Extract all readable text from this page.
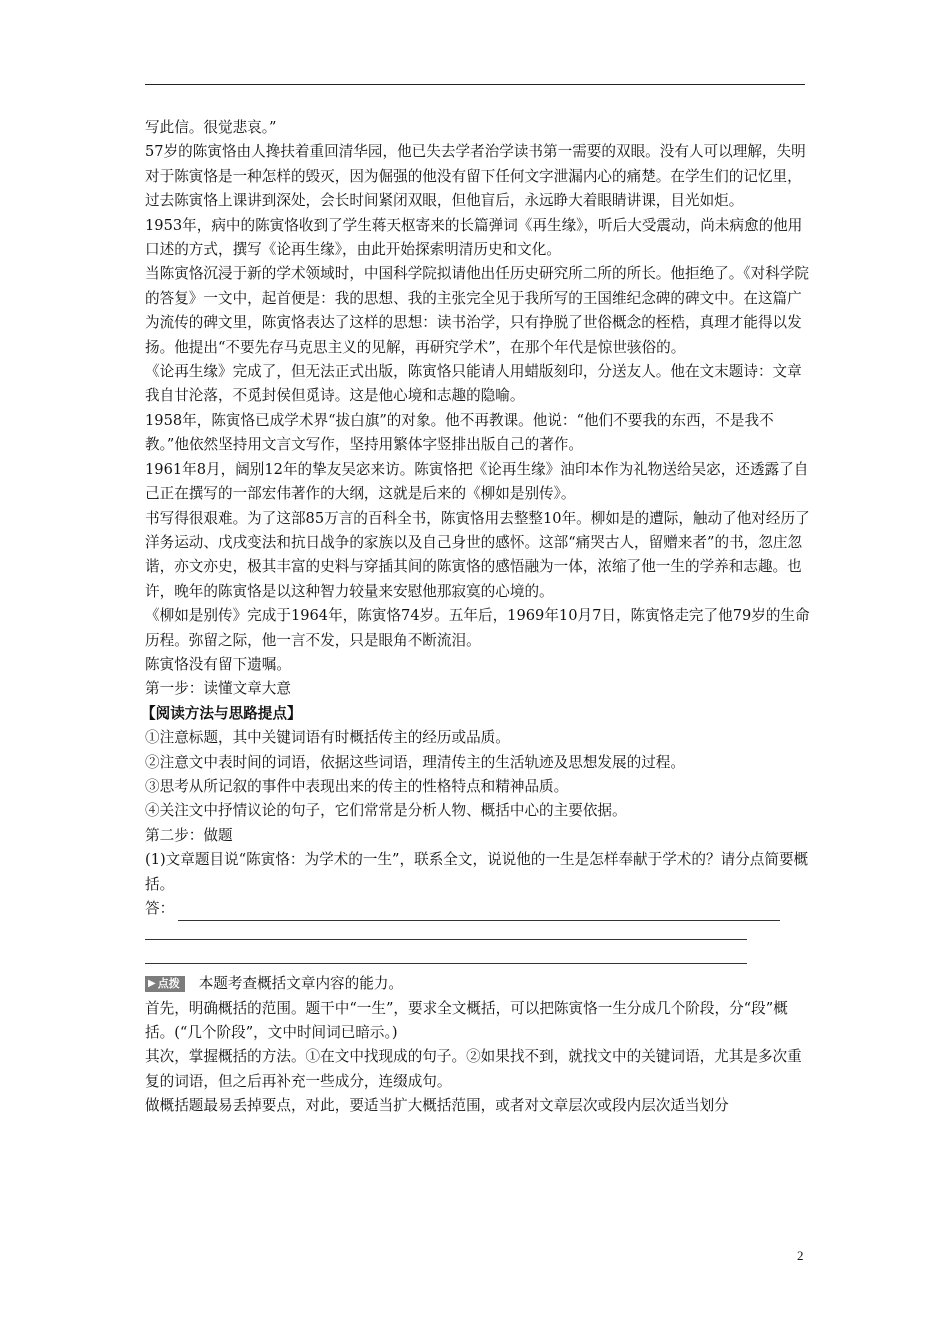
写此信。很觉悲哀。”

57岁的陈寅恪由人搀扶着重回清华园，他已失去学者治学读书第一需要的双眼。没有人可以理解，失明对于陈寅恪是一种怎样的毁灭，因为倔强的他没有留下任何文字泄漏内心的痛楚。在学生们的记忆里，过去陈寅恪上课讲到深处，会长时间紧闭双眼，但他盲后，永远睁大着眼睛讲课，目光如炬。

1953年，病中的陈寅恪收到了学生蒋天枢寄来的长篇弹词《再生缘》，听后大受震动，尚未病愈的他用口述的方式，撰写《论再生缘》，由此开始探索明清历史和文化。

当陈寅恪沉浸于新的学术领域时，中国科学院拟请他出任历史研究所二所的所长。他拒绝了。《对科学院的答复》一文中，起首便是：我的思想、我的主张完全见于我所写的王国维纪念碑的碑文中。在这篇广为流传的碑文里，陈寅恪表达了这样的思想：读书治学，只有挣脱了世俗概念的桎梏，真理才能得以发扬。他提出“不要先存马克思主义的见解，再研究学术”，在那个年代是惊世骇俗的。

《论再生缘》完成了，但无法正式出版，陈寅恪只能请人用蜡版刻印，分送友人。他在文末题诗：文章我自甘沦落，不觅封侯但觅诗。这是他心境和志趣的隐喻。

1958年，陈寅恪已成学术界“拔白旗”的对象。他不再教课。他说：“他们不要我的东西，不是我不教。”他依然坚持用文言文写作，坚持用繁体字竖排出版自己的著作。

1961年8月，阔别12年的挚友吴宓来访。陈寅恪把《论再生缘》油印本作为礼物送给吴宓，还透露了自己正在撰写的一部宏伟著作的大纲，这就是后来的《柳如是别传》。

书写得很艰难。为了这部85万言的百科全书，陈寅恪用去整整10年。柳如是的遭际，触动了他对经历了洋务运动、戊戌变法和抗日战争的家族以及自己身世的感怀。这部“痛哭古人，留赠来者”的书，忽庄忽谐，亦文亦史，极其丰富的史料与穿插其间的陈寅恪的感悟融为一体，浓缩了他一生的学养和志趣。也许，晚年的陈寅恪是以这种智力较量来安慰他那寂寞的心境的。

《柳如是别传》完成于1964年，陈寅恪74岁。五年后，1969年10月7日，陈寅恪走完了他79岁的生命历程。弥留之际，他一言不发，只是眼角不断流泪。

陈寅恪没有留下遗嘱。

第一步：读懂文章大意

【阅读方法与思路提点】

①注意标题，其中关键词语有时概括传主的经历或品质。

②注意文中表时间的词语，依据这些词语，理清传主的生活轨迹及思想发展的过程。

③思考从所记叙的事件中表现出来的传主的性格特点和精神品质。

④关注文中抒情议论的句子，它们常常是分析人物、概括中心的主要依据。

第二步：做题

(1)文章题目说“陈寅恪：为学术的一生”，联系全文，说说他的一生是怎样奉献于学术的？请分点简要概括。

答：
▶ 点拨 本题考查概括文章内容的能力。

首先，明确概括的范围。题干中“一生”，要求全文概括，可以把陈寅恪一生分成几个阶段，分“段”概括。(“几个阶段”，文中时间词已暗示。)

其次，掌握概括的方法。①在文中找现成的句子。②如果找不到，就找文中的关键词语，尤其是多次重复的词语，但之后再补充一些成分，连缀成句。

做概括题最易丢掉要点，对此，要适当扩大概括范围，或者对文章层次或段内层次适当划分

2
